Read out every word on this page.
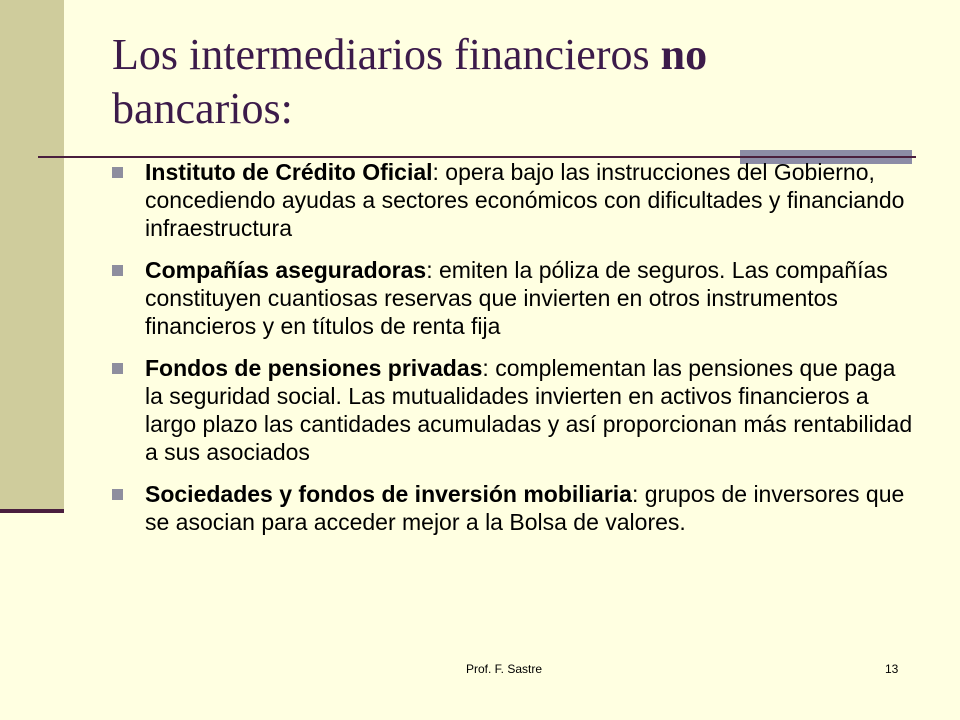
Los intermediarios financieros no
bancarios:
Instituto de Crédito Oficial: opera bajo las instrucciones del Gobierno, concediendo ayudas a sectores económicos con dificultades y financiando infraestructura
Compañías aseguradoras: emiten la póliza de seguros. Las compañías constituyen cuantiosas reservas que invierten en otros instrumentos financieros y en títulos de renta fija
Fondos de pensiones privadas: complementan las pensiones que paga la seguridad social. Las mutualidades invierten en activos financieros a largo plazo las cantidades acumuladas y así proporcionan más rentabilidad a sus asociados
Sociedades y fondos de inversión mobiliaria: grupos de inversores que se asocian para acceder mejor a la Bolsa de valores.
Prof. F. Sastre	13
